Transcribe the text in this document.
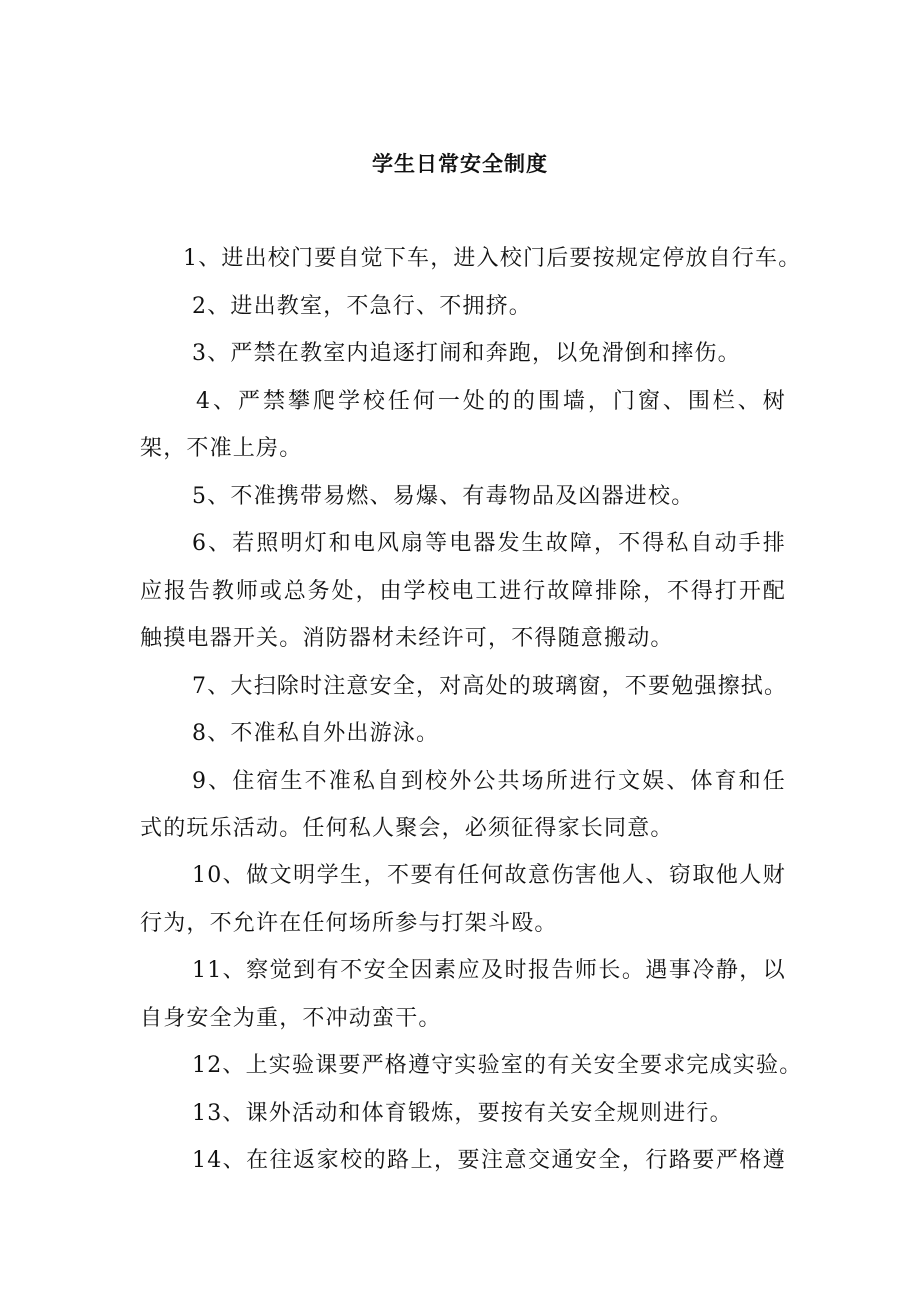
学生日常安全制度
1、进出校门要自觉下车，进入校门后要按规定停放自行车。
2、进出教室，不急行、不拥挤。
3、严禁在教室内追逐打闹和奔跑，以免滑倒和摔伤。
4、严禁攀爬学校任何一处的的围墙，门窗、围栏、树
架，不准上房。
5、不准携带易燃、易爆、有毒物品及凶器进校。
6、若照明灯和电风扇等电器发生故障，不得私自动手排
应报告教师或总务处，由学校电工进行故障排除，不得打开配
触摸电器开关。消防器材未经许可，不得随意搬动。
7、大扫除时注意安全，对高处的玻璃窗，不要勉强擦拭。
8、不准私自外出游泳。
9、住宿生不准私自到校外公共场所进行文娱、体育和任
式的玩乐活动。任何私人聚会，必须征得家长同意。
10、做文明学生，不要有任何故意伤害他人、窃取他人财
行为，不允许在任何场所参与打架斗殴。
11、察觉到有不安全因素应及时报告师长。遇事冷静，以
自身安全为重，不冲动蛮干。
12、上实验课要严格遵守实验室的有关安全要求完成实验。
13、课外活动和体育锻炼，要按有关安全规则进行。
14、在往返家校的路上，要注意交通安全，行路要严格遵
